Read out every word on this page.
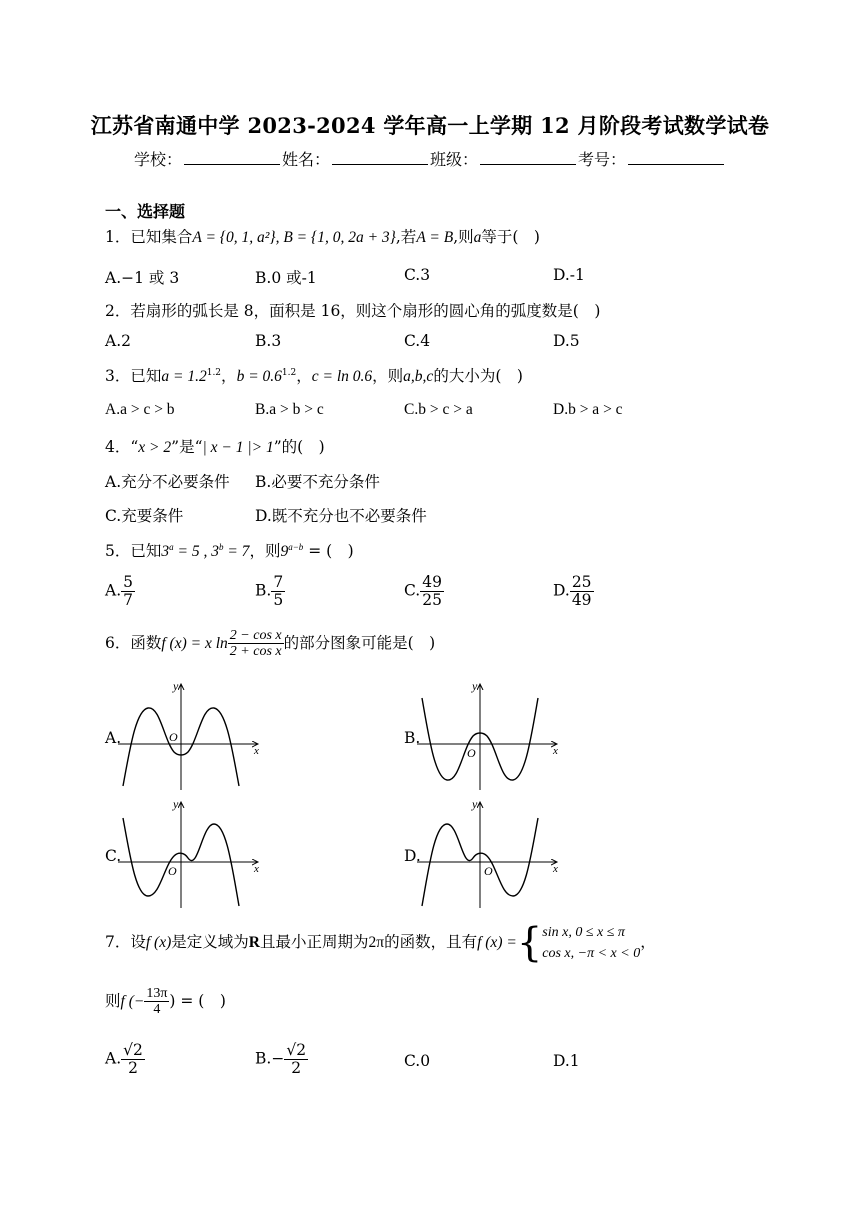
江苏省南通中学 2023-2024 学年高一上学期 12 月阶段考试数学试卷
学校：	姓名：	班级：	考号：
一、选择题
1．已知集合A = {0, 1, a²}, B = {1, 0, 2a + 3},若A = B,则a等于(　)
A.−1 或 3	B.0 或-1	C.3	D.-1
2．若扇形的弧长是 8，面积是 16，则这个扇形的圆心角的弧度数是(　)
A.2	B.3	C.4	D.5
3．已知$a = 1.2^{1.2}$，$b = 0.6^{1.2}$，c = ln 0.6，则a,b,c的大小为(　)
A.a > c > b	B.a > b > c	C.b > c > a	D.b > a > c
4．“x > 2”是“| x − 1 |> 1”的(　)
A.充分不必要条件 B.必要不充分条件
C.充要条件	D.既不充分也不必要条件
5．已知$3^a = 5$ , $3^b = 7$，则$9^{a-b}$ = (　)
A. $\frac{5}{7}$	B. $\frac{7}{5}$	C. $\frac{49}{25}$	D. $\frac{25}{49}$
6．函数f (x) = x $\ln \frac{\text{2 − cos x}}{\text{2 + cos x}}$ 的部分图象可能是(　)
A.	B.
C.	D.
y
x
O
y
x
O
y
x
O
y
x
O
7．设f (x)是定义域为R且最小正周期为2π的函数，且有f (x) ={ sin x, 0 ≤ x ≤ π
cos x, −π < x < 0
，
则f (− $\frac{13\pi}{4}$ ) = (　)
A. $\frac{√2}{2}$	$B.- \frac{√2}{2}$	C.0	D.1
